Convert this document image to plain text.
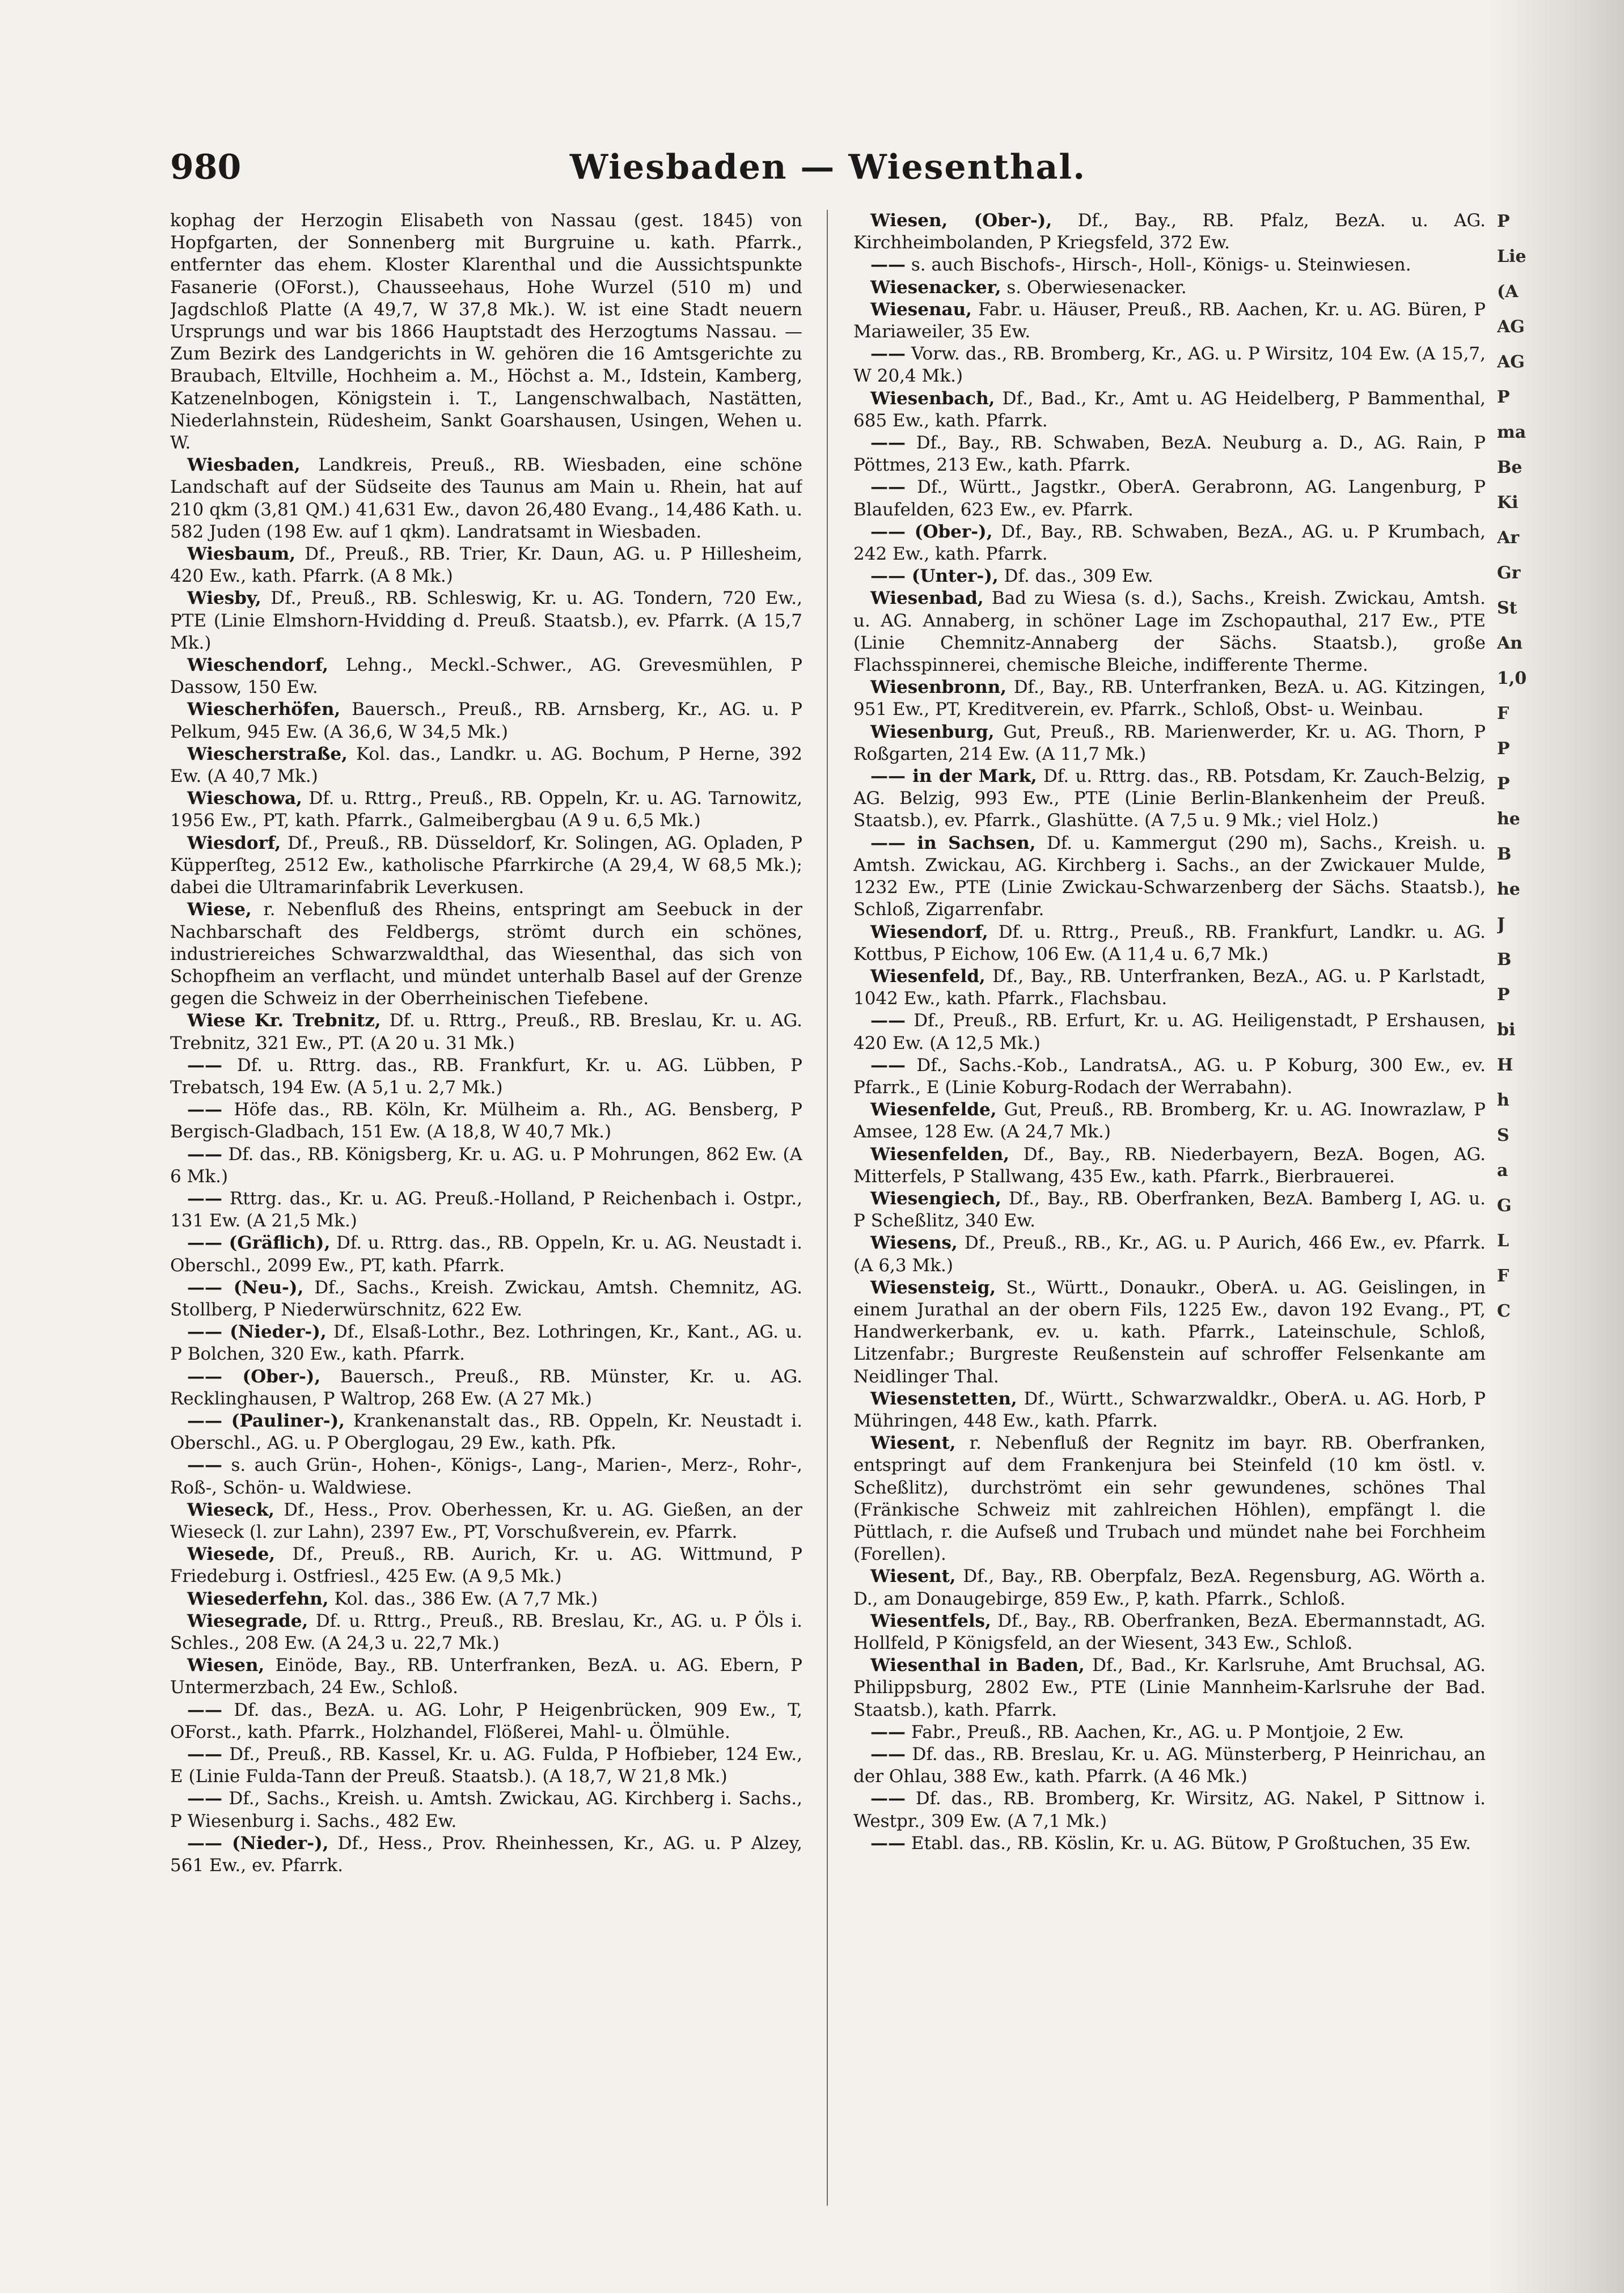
980	Wiesbaden — Wiesenthal.

kophag der Herzogin Elisabeth von Nassau (gest. 1845) von Hopfgarten, der Sonnenberg mit Burgruine u. kath. Pfarrk., entfernter das ehem. Kloster Klarenthal und die Aussichtspunkte Fasanerie (OForst.), Chausseehaus, Hohe Wurzel (510 m) und Jagdschloß Platte (A 49,7, W 37,8 Mk.). W. ist eine Stadt neuern Ursprungs und war bis 1866 Hauptstadt des Herzogtums Nassau. — Zum Bezirk des Landgerichts in W. gehören die 16 Amtsgerichte zu Braubach, Eltville, Hochheim a. M., Höchst a. M., Idstein, Kamberg, Katzenelnbogen, Königstein i. T., Langenschwalbach, Nastätten, Niederlahnstein, Rüdesheim, Sankt Goarshausen, Usingen, Wehen u. W.

Wiesbaden, Landkreis, Preuß., RB. Wiesbaden, eine schöne Landschaft auf der Südseite des Taunus am Main u. Rhein, hat auf 210 qkm (3,81 QM.) 41,631 Ew., davon 26,480 Evang., 14,486 Kath. u. 582 Juden (198 Ew. auf 1 qkm). Landratsamt in Wiesbaden.

Wiesbaum, Df., Preuß., RB. Trier, Kr. Daun, AG. u. P Hillesheim, 420 Ew., kath. Pfarrk. (A 8 Mk.)

Wiesby, Df., Preuß., RB. Schleswig, Kr. u. AG. Tondern, 720 Ew., PTE (Linie Elmshorn-Hvidding d. Preuß. Staatsb.), ev. Pfarrk. (A 15,7 Mk.)

Wieschendorf, Lehng., Meckl.-Schwer., AG. Grevesmühlen, P Dassow, 150 Ew.

Wiescherhöfen, Bauersch., Preuß., RB. Arnsberg, Kr., AG. u. P Pelkum, 945 Ew. (A 36,6, W 34,5 Mk.)

Wiescherstraße, Kol. das., Landkr. u. AG. Bochum, P Herne, 392 Ew. (A 40,7 Mk.)

Wieschowa, Df. u. Rttrg., Preuß., RB. Oppeln, Kr. u. AG. Tarnowitz, 1956 Ew., PT, kath. Pfarrk., Galmeibergbau (A 9 u. 6,5 Mk.)

Wiesdorf, Df., Preuß., RB. Düsseldorf, Kr. Solingen, AG. Opladen, P Küpperſteg, 2512 Ew., katholische Pfarrkirche (A 29,4, W 68,5 Mk.); dabei die Ultramarinfabrik Leverkusen.

Wiese, r. Nebenfluß des Rheins, entspringt am Seebuck in der Nachbarschaft des Feldbergs, strömt durch ein schönes, industriereiches Schwarzwaldthal, das Wiesenthal, das sich von Schopfheim an verflacht, und mündet unterhalb Basel auf der Grenze gegen die Schweiz in der Oberrheinischen Tiefebene.

Wiese Kr. Trebnitz, Df. u. Rttrg., Preuß., RB. Breslau, Kr. u. AG. Trebnitz, 321 Ew., PT. (A 20 u. 31 Mk.)

—— Df. u. Rttrg. das., RB. Frankfurt, Kr. u. AG. Lübben, P Trebatsch, 194 Ew. (A 5,1 u. 2,7 Mk.)

—— Höfe das., RB. Köln, Kr. Mülheim a. Rh., AG. Bensberg, P Bergisch-Gladbach, 151 Ew. (A 18,8, W 40,7 Mk.)

—— Df. das., RB. Königsberg, Kr. u. AG. u. P Mohrungen, 862 Ew. (A 6 Mk.)

—— Rttrg. das., Kr. u. AG. Preuß.-Holland, P Reichenbach i. Ostpr., 131 Ew. (A 21,5 Mk.)

—— (Gräflich), Df. u. Rttrg. das., RB. Oppeln, Kr. u. AG. Neustadt i. Oberschl., 2099 Ew., PT, kath. Pfarrk.

—— (Neu-), Df., Sachs., Kreish. Zwickau, Amtsh. Chemnitz, AG. Stollberg, P Niederwürschnitz, 622 Ew.

—— (Nieder-), Df., Elsaß-Lothr., Bez. Lothringen, Kr., Kant., AG. u. P Bolchen, 320 Ew., kath. Pfarrk.

—— (Ober-), Bauersch., Preuß., RB. Münster, Kr. u. AG. Recklinghausen, P Waltrop, 268 Ew. (A 27 Mk.)

—— (Pauliner-), Krankenanstalt das., RB. Oppeln, Kr. Neustadt i. Oberschl., AG. u. P Oberglogau, 29 Ew., kath. Pfk.

—— s. auch Grün-, Hohen-, Königs-, Lang-, Marien-, Merz-, Rohr-, Roß-, Schön- u. Waldwiese.

Wieseck, Df., Hess., Prov. Oberhessen, Kr. u. AG. Gießen, an der Wieseck (l. zur Lahn), 2397 Ew., PT, Vorschußverein, ev. Pfarrk.

Wiesede, Df., Preuß., RB. Aurich, Kr. u. AG. Wittmund, P Friedeburg i. Ostfriesl., 425 Ew. (A 9,5 Mk.)

Wiesederfehn, Kol. das., 386 Ew. (A 7,7 Mk.)

Wiesegrade, Df. u. Rttrg., Preuß., RB. Breslau, Kr., AG. u. P Öls i. Schles., 208 Ew. (A 24,3 u. 22,7 Mk.)

Wiesen, Einöde, Bay., RB. Unterfranken, BezA. u. AG. Ebern, P Untermerzbach, 24 Ew., Schloß.

—— Df. das., BezA. u. AG. Lohr, P Heigenbrücken, 909 Ew., T, OForst., kath. Pfarrk., Holzhandel, Flößerei, Mahl- u. Ölmühle.

—— Df., Preuß., RB. Kassel, Kr. u. AG. Fulda, P Hofbieber, 124 Ew., E (Linie Fulda-Tann der Preuß. Staatsb.). (A 18,7, W 21,8 Mk.)

—— Df., Sachs., Kreish. u. Amtsh. Zwickau, AG. Kirchberg i. Sachs., P Wiesenburg i. Sachs., 482 Ew.

—— (Nieder-), Df., Hess., Prov. Rheinhessen, Kr., AG. u. P Alzey, 561 Ew., ev. Pfarrk.

Wiesen, (Ober-), Df., Bay., RB. Pfalz, BezA. u. AG. Kirchheimbolanden, P Kriegsfeld, 372 Ew.

—— s. auch Bischofs-, Hirsch-, Holl-, Königs- u. Steinwiesen.

Wiesenacker, s. Oberwiesenacker.

Wiesenau, Fabr. u. Häuser, Preuß., RB. Aachen, Kr. u. AG. Büren, P Mariaweiler, 35 Ew.

—— Vorw. das., RB. Bromberg, Kr., AG. u. P Wirsitz, 104 Ew. (A 15,7, W 20,4 Mk.)

Wiesenbach, Df., Bad., Kr., Amt u. AG Heidelberg, P Bammenthal, 685 Ew., kath. Pfarrk.

—— Df., Bay., RB. Schwaben, BezA. Neuburg a. D., AG. Rain, P Pöttmes, 213 Ew., kath. Pfarrk.

—— Df., Württ., Jagstkr., OberA. Gerabronn, AG. Langenburg, P Blaufelden, 623 Ew., ev. Pfarrk.

—— (Ober-), Df., Bay., RB. Schwaben, BezA., AG. u. P Krumbach, 242 Ew., kath. Pfarrk.

—— (Unter-), Df. das., 309 Ew.

Wiesenbad, Bad zu Wiesa (s. d.), Sachs., Kreish. Zwickau, Amtsh. u. AG. Annaberg, in schöner Lage im Zschopauthal, 217 Ew., PTE (Linie Chemnitz-Annaberg der Sächs. Staatsb.), große Flachsspinnerei, chemische Bleiche, indifferente Therme.

Wiesenbronn, Df., Bay., RB. Unterfranken, BezA. u. AG. Kitzingen, 951 Ew., PT, Kreditverein, ev. Pfarrk., Schloß, Obst- u. Weinbau.

Wiesenburg, Gut, Preuß., RB. Marienwerder, Kr. u. AG. Thorn, P Roßgarten, 214 Ew. (A 11,7 Mk.)

—— in der Mark, Df. u. Rttrg. das., RB. Potsdam, Kr. Zauch-Belzig, AG. Belzig, 993 Ew., PTE (Linie Berlin-Blankenheim der Preuß. Staatsb.), ev. Pfarrk., Glashütte. (A 7,5 u. 9 Mk.; viel Holz.)

—— in Sachsen, Df. u. Kammergut (290 m), Sachs., Kreish. u. Amtsh. Zwickau, AG. Kirchberg i. Sachs., an der Zwickauer Mulde, 1232 Ew., PTE (Linie Zwickau-Schwarzenberg der Sächs. Staatsb.), Schloß, Zigarrenfabr.

Wiesendorf, Df. u. Rttrg., Preuß., RB. Frankfurt, Landkr. u. AG. Kottbus, P Eichow, 106 Ew. (A 11,4 u. 6,7 Mk.)

Wiesenfeld, Df., Bay., RB. Unterfranken, BezA., AG. u. P Karlstadt, 1042 Ew., kath. Pfarrk., Flachsbau.

—— Df., Preuß., RB. Erfurt, Kr. u. AG. Heiligenstadt, P Ershausen, 420 Ew. (A 12,5 Mk.)

—— Df., Sachs.-Kob., LandratsA., AG. u. P Koburg, 300 Ew., ev. Pfarrk., E (Linie Koburg-Rodach der Werrabahn).

Wiesenfelde, Gut, Preuß., RB. Bromberg, Kr. u. AG. Inowrazlaw, P Amsee, 128 Ew. (A 24,7 Mk.)

Wiesenfelden, Df., Bay., RB. Niederbayern, BezA. Bogen, AG. Mitterfels, P Stallwang, 435 Ew., kath. Pfarrk., Bierbrauerei.

Wiesengiech, Df., Bay., RB. Oberfranken, BezA. Bamberg I, AG. u. P Scheßlitz, 340 Ew.

Wiesens, Df., Preuß., RB., Kr., AG. u. P Aurich, 466 Ew., ev. Pfarrk. (A 6,3 Mk.)

Wiesensteig, St., Württ., Donaukr., OberA. u. AG. Geislingen, in einem Jurathal an der obern Fils, 1225 Ew., davon 192 Evang., PT, Handwerkerbank, ev. u. kath. Pfarrk., Lateinschule, Schloß, Litzenfabr.; Burgreste Reußenstein auf schroffer Felsenkante am Neidlinger Thal.

Wiesenstetten, Df., Württ., Schwarzwaldkr., OberA. u. AG. Horb, P Mühringen, 448 Ew., kath. Pfarrk.

Wiesent, r. Nebenfluß der Regnitz im bayr. RB. Oberfranken, entspringt auf dem Frankenjura bei Steinfeld (10 km östl. v. Scheßlitz), durchströmt ein sehr gewundenes, schönes Thal (Fränkische Schweiz mit zahlreichen Höhlen), empfängt l. die Püttlach, r. die Aufseß und Trubach und mündet nahe bei Forchheim (Forellen).

Wiesent, Df., Bay., RB. Oberpfalz, BezA. Regensburg, AG. Wörth a. D., am Donaugebirge, 859 Ew., P, kath. Pfarrk., Schloß.

Wiesentfels, Df., Bay., RB. Oberfranken, BezA. Ebermannstadt, AG. Hollfeld, P Königsfeld, an der Wiesent, 343 Ew., Schloß.

Wiesenthal in Baden, Df., Bad., Kr. Karlsruhe, Amt Bruchsal, AG. Philippsburg, 2802 Ew., PTE (Linie Mannheim-Karlsruhe der Bad. Staatsb.), kath. Pfarrk.

—— Fabr., Preuß., RB. Aachen, Kr., AG. u. P Montjoie, 2 Ew.

—— Df. das., RB. Breslau, Kr. u. AG. Münsterberg, P Heinrichau, an der Ohlau, 388 Ew., kath. Pfarrk. (A 46 Mk.)

—— Df. das., RB. Bromberg, Kr. Wirsitz, AG. Nakel, P Sittnow i. Westpr., 309 Ew. (A 7,1 Mk.)

—— Etabl. das., RB. Köslin, Kr. u. AG. Bütow, P Großtuchen, 35 Ew.

P
Lie
(A
AG
AG
P
ma
Be
Ki
Ar
Gr
St
An
1,0
F
P
P
he
B
he
J
B
P
bi
H
h
S
a
G
L
F
C
